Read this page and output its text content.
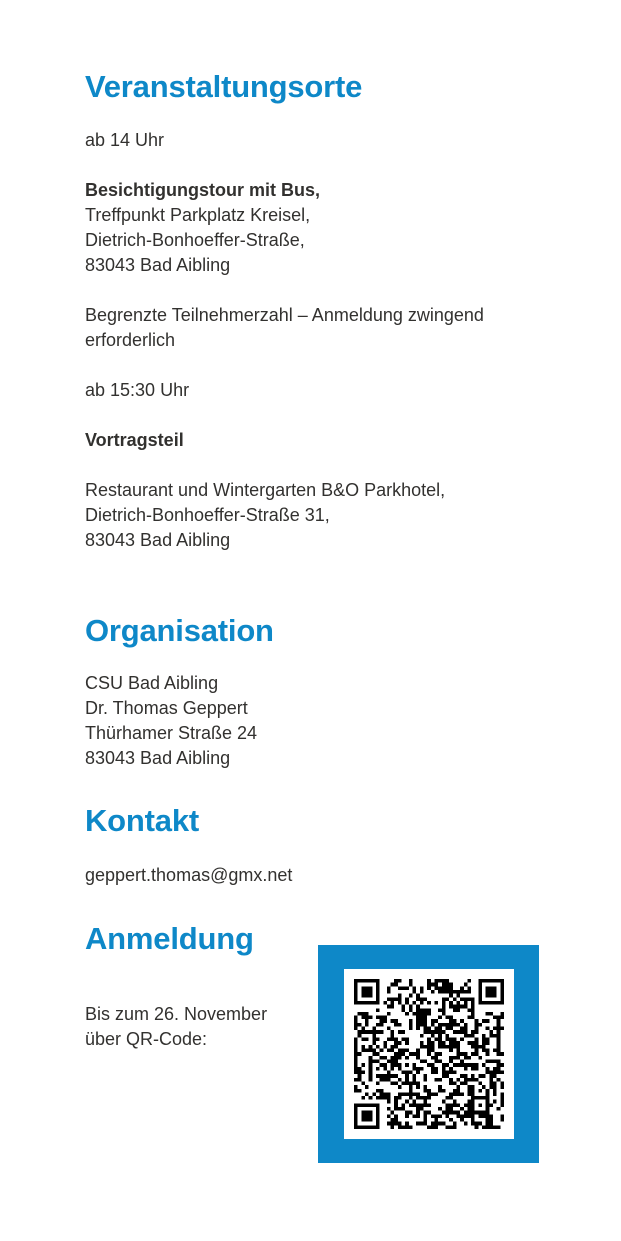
Veranstaltungsorte
ab 14 Uhr
Besichtigungstour mit Bus,
Treffpunkt Parkplatz Kreisel,
Dietrich-Bonhoeffer-Straße,
83043 Bad Aibling
Begrenzte Teilnehmerzahl – Anmeldung zwingend
erforderlich
ab 15:30 Uhr
Vortragsteil
Restaurant und Wintergarten B&O Parkhotel,
Dietrich-Bonhoeffer-Straße 31,
83043 Bad Aibling
Organisation
CSU Bad Aibling
Dr. Thomas Geppert
Thürhamer Straße 24
83043 Bad Aibling
Kontakt
geppert.thomas@gmx.net
Anmeldung
Bis zum 26. November
über QR-Code:
